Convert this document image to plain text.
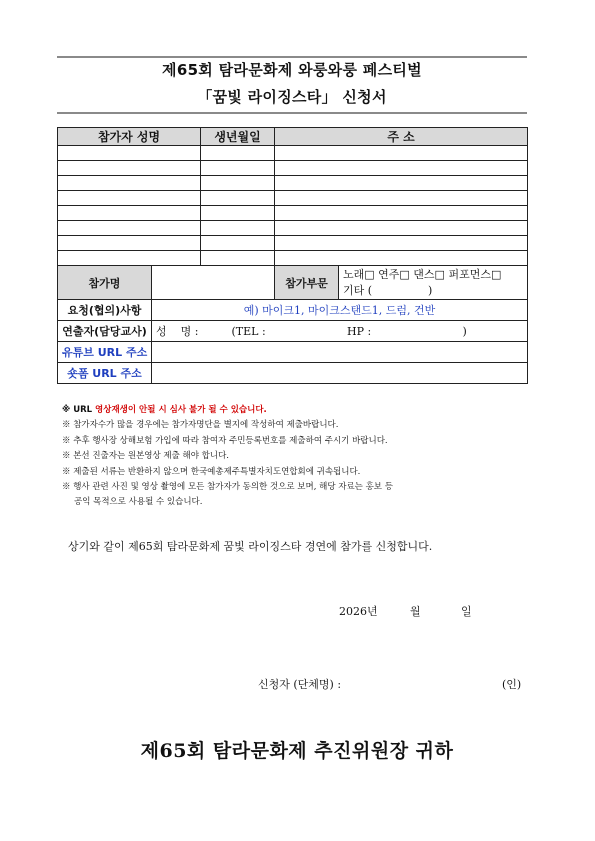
제65회 탐라문화제 와룽와룽 페스티벌
「꿈빛 라이징스타」 신청서
참가자 성명		생년월일	주 소	

참가명			참가부문	노래□ 연주□ 댄스□ 퍼포먼스□
기타 (                )

요청(협의)사항	예) 마이크1, 마이크스탠드1, 드럼, 건반			
연출자(담당교사)	성    명 : (TEL : HP : )			
유튜브 URL 주소				
숏폼 URL 주소				
※ URL 영상재생이 안될 시 심사 불가 될 수 있습니다.
※ 참가자수가 많을 경우에는 참가자명단을 별지에 작성하여 제출바랍니다.
※ 추후 행사장 상해보험 가입에 따라 참여자 주민등록번호를 제출하여 주시기 바랍니다.
※ 본선 진출자는 원본영상 제출 해야 합니다.
※ 제출된 서류는 반환하지 않으며 한국예총제주특별자치도연합회에 귀속됩니다.
※ 행사 관련 사진 및 영상 촬영에 모든 참가자가 동의한 것으로 보며, 해당 자료는 홍보 등
공익 목적으로 사용될 수 있습니다.
상기와 같이 제65회 탐라문화제 꿈빛 라이징스타 경연에 참가를 신청합니다.
2026년	월	일
신청자 (단체명) :	(인)
제65회 탐라문화제 추진위원장 귀하
